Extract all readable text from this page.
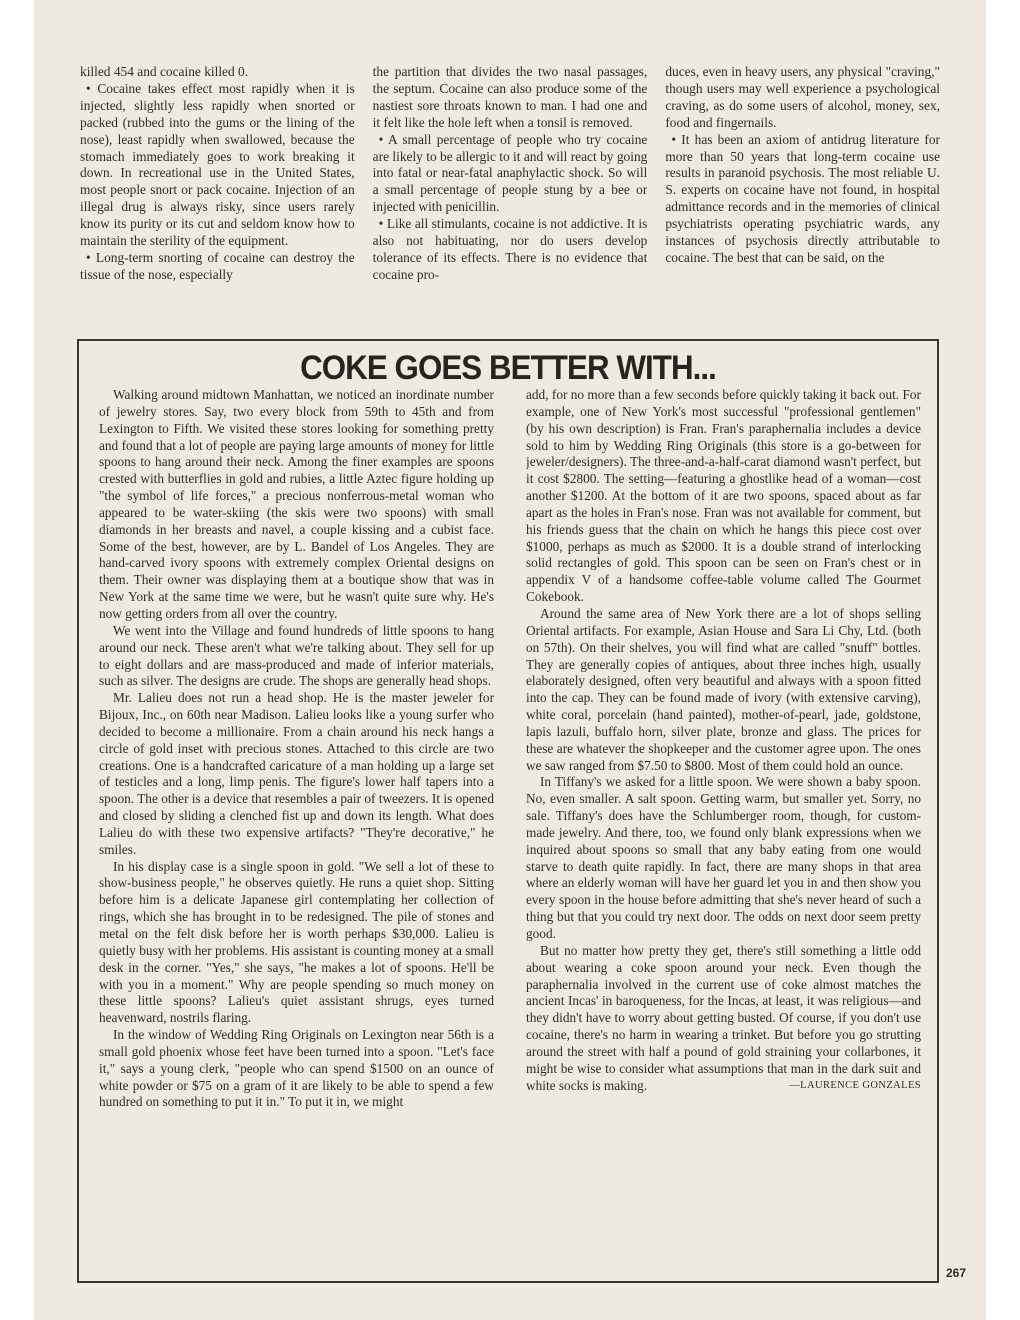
killed 454 and cocaine killed 0.

• Cocaine takes effect most rapidly when it is injected, slightly less rapidly when snorted or packed (rubbed into the gums or the lining of the nose), least rapidly when swallowed, because the stomach immediately goes to work breaking it down. In recreational use in the United States, most people snort or pack cocaine. Injection of an illegal drug is always risky, since users rarely know its purity or its cut and seldom know how to maintain the sterility of the equipment.

• Long-term snorting of cocaine can destroy the tissue of the nose, especially

the partition that divides the two nasal passages, the septum. Cocaine can also produce some of the nastiest sore throats known to man. I had one and it felt like the hole left when a tonsil is removed.

• A small percentage of people who try cocaine are likely to be allergic to it and will react by going into fatal or near-fatal anaphylactic shock. So will a small percentage of people stung by a bee or injected with penicillin.

• Like all stimulants, cocaine is not addictive. It is also not habituating, nor do users develop tolerance of its effects. There is no evidence that cocaine pro-

duces, even in heavy users, any physical "craving," though users may well experience a psychological craving, as do some users of alcohol, money, sex, food and fingernails.

• It has been an axiom of antidrug literature for more than 50 years that long-term cocaine use results in paranoid psychosis. The most reliable U. S. experts on cocaine have not found, in hospital admittance records and in the memories of clinical psychiatrists operating psychiatric wards, any instances of psychosis directly attributable to cocaine. The best that can be said, on the

COKE GOES BETTER WITH...

Walking around midtown Manhattan, we noticed an inordinate number of jewelry stores. Say, two every block from 59th to 45th and from Lexington to Fifth. We visited these stores looking for something pretty and found that a lot of people are paying large amounts of money for little spoons to hang around their neck. Among the finer examples are spoons crested with butterflies in gold and rubies, a little Aztec figure holding up "the symbol of life forces," a precious nonferrous-metal woman who appeared to be water-skiing (the skis were two spoons) with small diamonds in her breasts and navel, a couple kissing and a cubist face. Some of the best, however, are by L. Bandel of Los Angeles. They are hand-carved ivory spoons with extremely complex Oriental designs on them. Their owner was displaying them at a boutique show that was in New York at the same time we were, but he wasn't quite sure why. He's now getting orders from all over the country.

We went into the Village and found hundreds of little spoons to hang around our neck. These aren't what we're talking about. They sell for up to eight dollars and are mass-produced and made of inferior materials, such as silver. The designs are crude. The shops are generally head shops.

Mr. Lalieu does not run a head shop. He is the master jeweler for Bijoux, Inc., on 60th near Madison. Lalieu looks like a young surfer who decided to become a millionaire. From a chain around his neck hangs a circle of gold inset with precious stones. Attached to this circle are two creations. One is a handcrafted caricature of a man holding up a large set of testicles and a long, limp penis. The figure's lower half tapers into a spoon. The other is a device that resembles a pair of tweezers. It is opened and closed by sliding a clenched fist up and down its length. What does Lalieu do with these two expensive artifacts? "They're decorative," he smiles.

In his display case is a single spoon in gold. "We sell a lot of these to show-business people," he observes quietly. He runs a quiet shop. Sitting before him is a delicate Japanese girl contemplating her collection of rings, which she has brought in to be redesigned. The pile of stones and metal on the felt disk before her is worth perhaps $30,000. Lalieu is quietly busy with her problems. His assistant is counting money at a small desk in the corner. "Yes," she says, "he makes a lot of spoons. He'll be with you in a moment." Why are people spending so much money on these little spoons? Lalieu's quiet assistant shrugs, eyes turned heavenward, nostrils flaring.

In the window of Wedding Ring Originals on Lexington near 56th is a small gold phoenix whose feet have been turned into a spoon. "Let's face it," says a young clerk, "people who can spend $1500 on an ounce of white powder or $75 on a gram of it are likely to be able to spend a few hundred on something to put it in." To put it in, we might

add, for no more than a few seconds before quickly taking it back out. For example, one of New York's most successful "professional gentlemen" (by his own description) is Fran. Fran's paraphernalia includes a device sold to him by Wedding Ring Originals (this store is a go-between for jeweler/designers). The three-and-a-half-carat diamond wasn't perfect, but it cost $2800. The setting—featuring a ghostlike head of a woman—cost another $1200. At the bottom of it are two spoons, spaced about as far apart as the holes in Fran's nose. Fran was not available for comment, but his friends guess that the chain on which he hangs this piece cost over $1000, perhaps as much as $2000. It is a double strand of interlocking solid rectangles of gold. This spoon can be seen on Fran's chest or in appendix V of a handsome coffee-table volume called The Gourmet Cokebook.

Around the same area of New York there are a lot of shops selling Oriental artifacts. For example, Asian House and Sara Li Chy, Ltd. (both on 57th). On their shelves, you will find what are called "snuff" bottles. They are generally copies of antiques, about three inches high, usually elaborately designed, often very beautiful and always with a spoon fitted into the cap. They can be found made of ivory (with extensive carving), white coral, porcelain (hand painted), mother-of-pearl, jade, goldstone, lapis lazuli, buffalo horn, silver plate, bronze and glass. The prices for these are whatever the shopkeeper and the customer agree upon. The ones we saw ranged from $7.50 to $800. Most of them could hold an ounce.

In Tiffany's we asked for a little spoon. We were shown a baby spoon. No, even smaller. A salt spoon. Getting warm, but smaller yet. Sorry, no sale. Tiffany's does have the Schlumberger room, though, for custom-made jewelry. And there, too, we found only blank expressions when we inquired about spoons so small that any baby eating from one would starve to death quite rapidly. In fact, there are many shops in that area where an elderly woman will have her guard let you in and then show you every spoon in the house before admitting that she's never heard of such a thing but that you could try next door. The odds on next door seem pretty good.

But no matter how pretty they get, there's still something a little odd about wearing a coke spoon around your neck. Even though the paraphernalia involved in the current use of coke almost matches the ancient Incas' in baroqueness, for the Incas, at least, it was religious—and they didn't have to worry about getting busted. Of course, if you don't use cocaine, there's no harm in wearing a trinket. But before you go strutting around the street with half a pound of gold straining your collarbones, it might be wise to consider what assumptions that man in the dark suit and white socks is making.	—LAURENCE GONZALES
267
